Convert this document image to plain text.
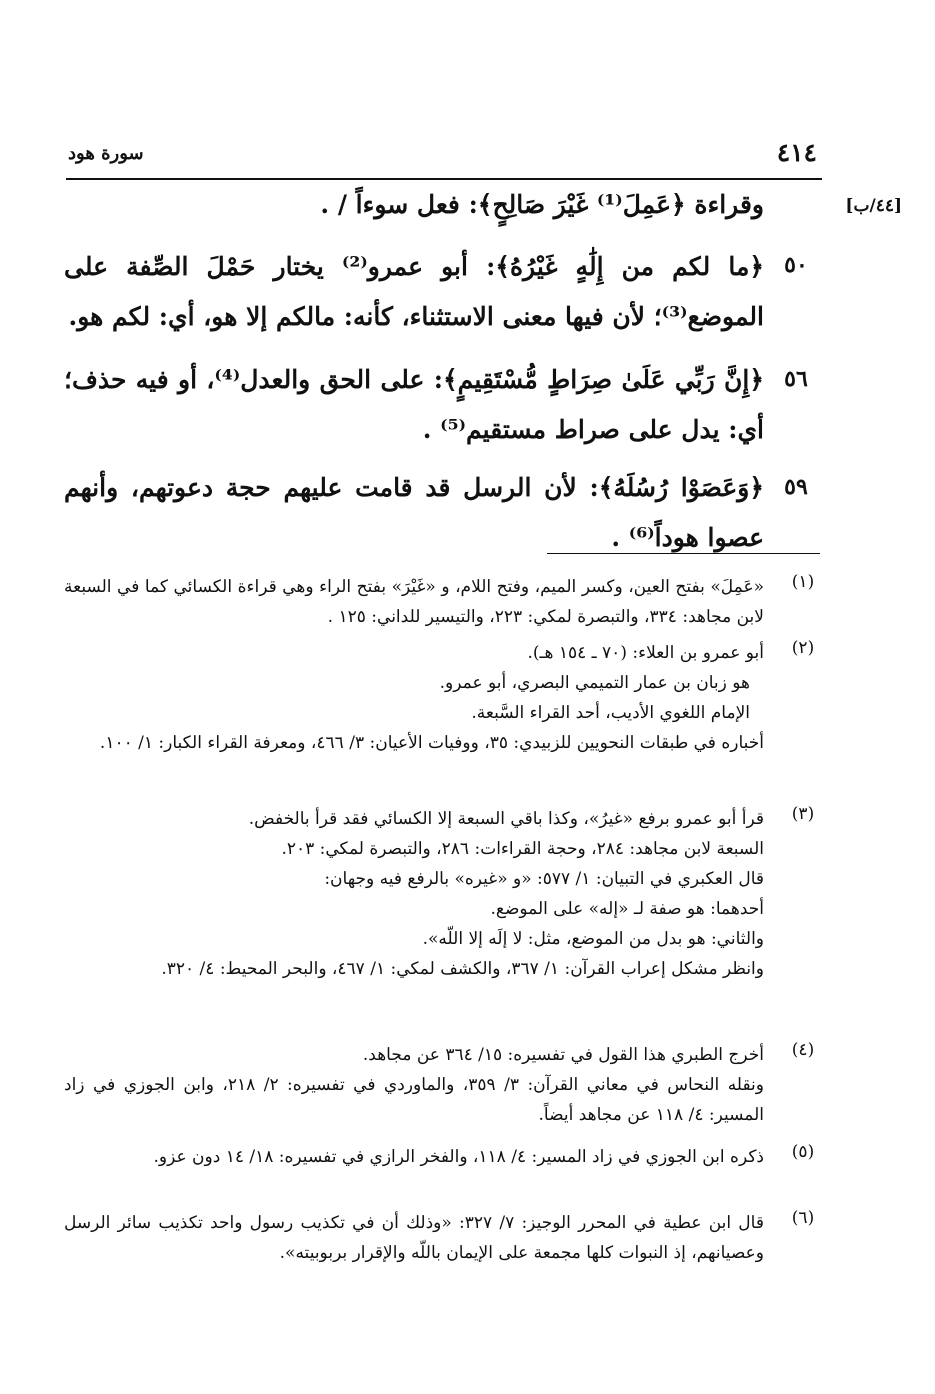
٤١٤
سورة هود
[٤٤/ب]
وقراءة ﴿عَمِلَ⁽¹⁾ غَيْرَ صَالِحٍ﴾: فعل سوءاً / .
٥٠
﴿ما لكم من إِلَٰهٍ غَيْرُهُ﴾: أبو عمرو⁽²⁾ يختار حَمْلَ الصِّفة على الموضع⁽³⁾؛ لأن فيها معنى الاستثناء، كأنه: مالكم إلا هو، أي: لكم هو.
٥٦
﴿إِنَّ رَبِّي عَلَىٰ صِرَاطٍ مُّسْتَقِيمٍ﴾: على الحق والعدل⁽⁴⁾، أو فيه حذف؛ أي: يدل على صراط مستقيم⁽⁵⁾ .
٥٩
﴿وَعَصَوْا رُسُلَهُ﴾: لأن الرسل قد قامت عليهم حجة دعوتهم، وأنهم عصوا هوداً⁽⁶⁾ .
(١)

«عَمِلَ» بفتح العين، وكسر الميم، وفتح اللام، و «غَيْرَ» بفتح الراء وهي قراءة الكسائي كما في السبعة لابن مجاهد: ٣٣٤، والتبصرة لمكي: ٢٢٣، والتيسير للداني: ١٢٥ .

(٢)

أبو عمرو بن العلاء: (٧٠ ـ ١٥٤ هـ).

هو زبان بن عمار التميمي البصري، أبو عمرو.

الإمام اللغوي الأديب، أحد القراء السَّبعة.

أخباره في طبقات النحويين للزبيدي: ٣٥، ووفيات الأعيان: ٣/ ٤٦٦، ومعرفة القراء الكبار: ١/ ١٠٠.

(٣)

قرأ أبو عمرو برفع «غيرُ»، وكذا باقي السبعة إلا الكسائي فقد قرأ بالخفض.

السبعة لابن مجاهد: ٢٨٤، وحجة القراءات: ٢٨٦، والتبصرة لمكي: ٢٠٣.

قال العكبري في التبيان: ١/ ٥٧٧: «و «غيره» بالرفع فيه وجهان:

أحدهما: هو صفة لـ «إله» على الموضع.

والثاني: هو بدل من الموضع، مثل: لا إلَه إلا اللّه».

وانظر مشكل إعراب القرآن: ١/ ٣٦٧، والكشف لمكي: ١/ ٤٦٧، والبحر المحيط: ٤/ ٣٢٠.

(٤)

أخرج الطبري هذا القول في تفسيره: ١٥/ ٣٦٤ عن مجاهد.

ونقله النحاس في معاني القرآن: ٣/ ٣٥٩، والماوردي في تفسيره: ٢/ ٢١٨، وابن الجوزي في زاد المسير: ٤/ ١١٨ عن مجاهد أيضاً.

(٥)

ذكره ابن الجوزي في زاد المسير: ٤/ ١١٨، والفخر الرازي في تفسيره: ١٨/ ١٤ دون عزو.

(٦)

قال ابن عطية في المحرر الوجيز: ٧/ ٣٢٧: «وذلك أن في تكذيب رسول واحد تكذيب سائر الرسل وعصيانهم، إذ النبوات كلها مجمعة على الإيمان باللّه والإقرار بربوبيته».
